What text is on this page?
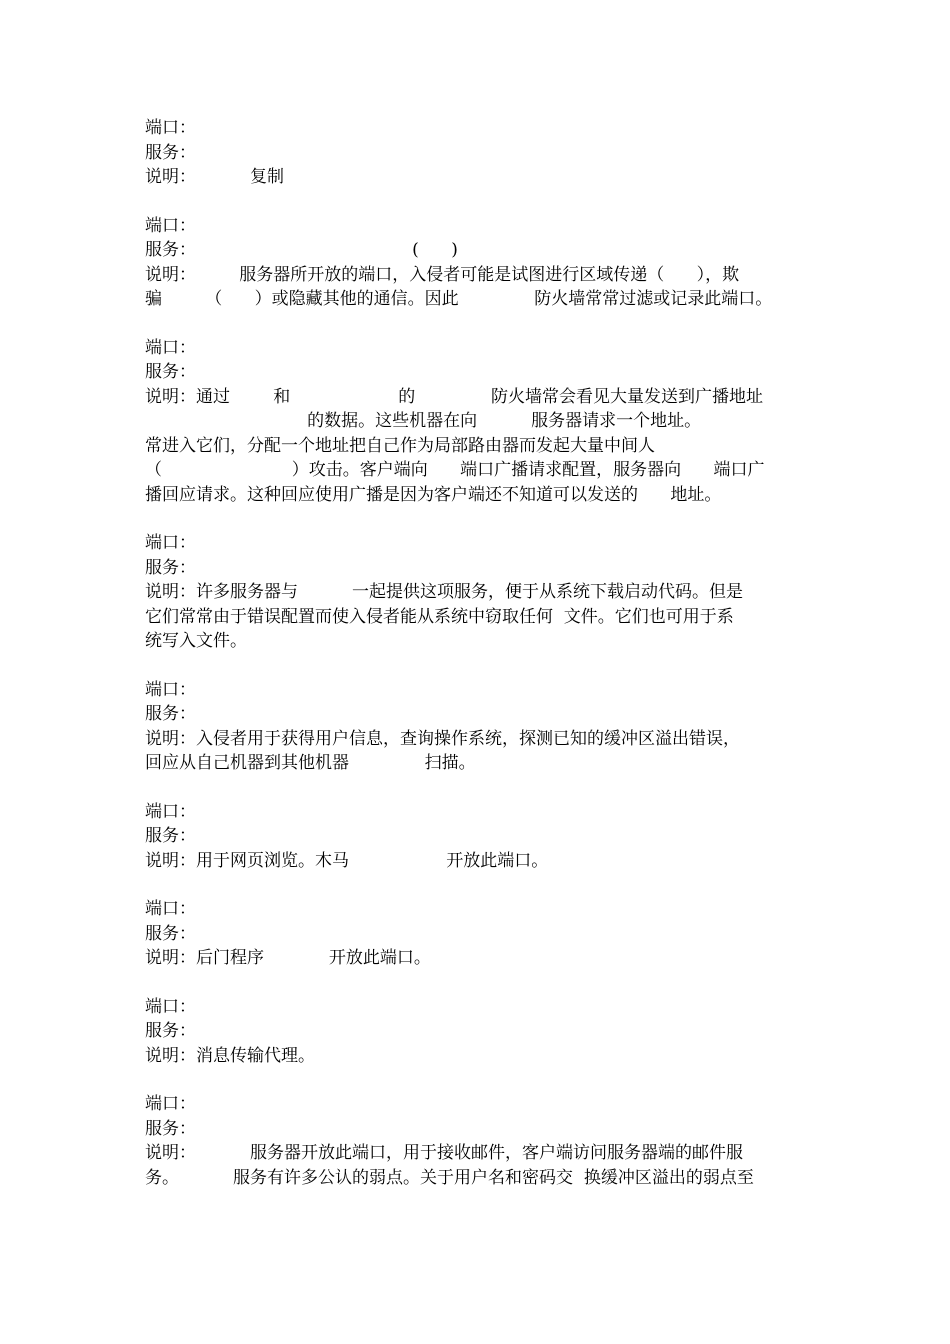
端口：
服务：
说明：          复制
端口：
服务：                                        (      )
说明：        服务器所开放的端口，入侵者可能是试图进行区域传递（      ），欺
骗        （      ）或隐藏其他的通信。因此              防火墙常常过滤或记录此端口。
端口：
服务：
说明：通过        和                    的              防火墙常会看见大量发送到广播地址
的数据。这些机器在向          服务器请求一个地址。
常进入它们，分配一个地址把自己作为局部路由器而发起大量中间人
（                        ）攻击。客户端向      端口广播请求配置，服务器向      端口广
播回应请求。这种回应使用广播是因为客户端还不知道可以发送的      地址。
端口：
服务：
说明：许多服务器与          一起提供这项服务，便于从系统下载启动代码。但是
它们常常由于错误配置而使入侵者能从系统中窃取任何  文件。它们也可用于系
统写入文件。
端口：
服务：
说明：入侵者用于获得用户信息，查询操作系统，探测已知的缓冲区溢出错误，
回应从自己机器到其他机器              扫描。
端口：
服务：
说明：用于网页浏览。木马                  开放此端口。
端口：
服务：
说明：后门程序            开放此端口。
端口：
服务：
说明：消息传输代理。
端口：
服务：
说明：          服务器开放此端口，用于接收邮件，客户端访问服务器端的邮件服
务。          服务有许多公认的弱点。关于用户名和密码交  换缓冲区溢出的弱点至
